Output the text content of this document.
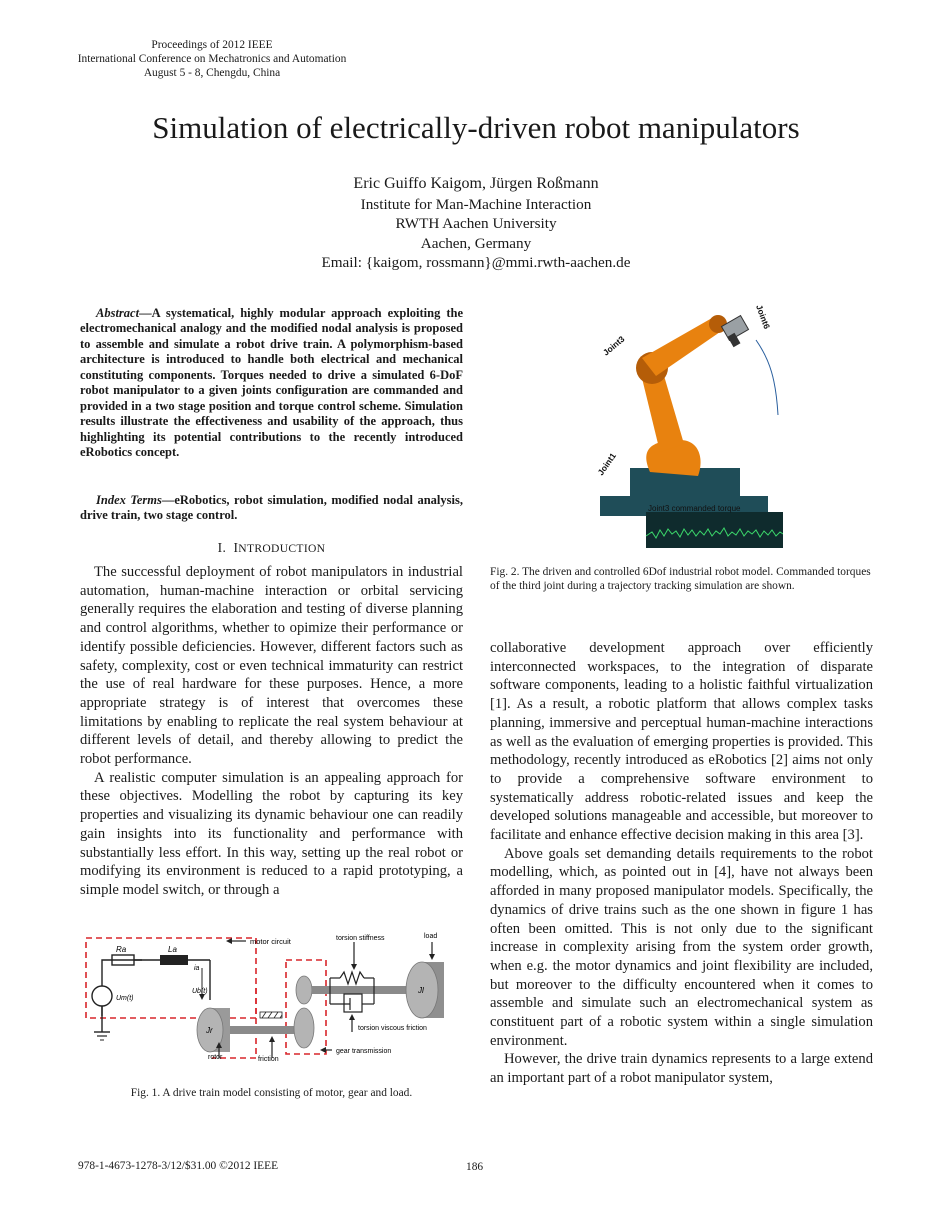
Proceedings of 2012 IEEE
International Conference on Mechatronics and Automation
August 5 - 8, Chengdu, China
Simulation of electrically-driven robot manipulators
Eric Guiffo Kaigom, Jürgen Roßmann
Institute for Man-Machine Interaction
RWTH Aachen University
Aachen, Germany
Email: {kaigom, rossmann}@mmi.rwth-aachen.de

Abstract—A systematical, highly modular approach exploiting the electromechanical analogy and the modified nodal analysis is proposed to assemble and simulate a robot drive train. A polymorphism-based architecture is introduced to handle both electrical and mechanical constituting components. Torques needed to drive a simulated 6-DoF robot manipulator to a given joints configuration are commanded and provided in a two stage position and torque control scheme. Simulation results illustrate the effectiveness and usability of the approach, thus highlighting its potential contributions to the recently introduced eRobotics concept.

Index Terms—eRobotics, robot simulation, modified nodal analysis, drive train, two stage control.

I. INTRODUCTION

The successful deployment of robot manipulators in industrial automation, human-machine interaction or orbital servicing generally requires the elaboration and testing of diverse planning and control algorithms, whether to opimize their performance or identify possible deficiencies. However, different factors such as safety, complexity, cost or even technical immaturity can restrict the use of real hardware for these purposes. Hence, a more appropriate strategy is of interest that overcomes these limitations by enabling to replicate the real system behaviour at different levels of detail, and thereby allowing to predict the robot performance.

A realistic computer simulation is an appealing approach for these objectives. Modelling the robot by capturing its key properties and visualizing its dynamic behaviour one can readily gain insights into its functionality and performance with substantially less effort. In this way, setting up the real robot or modifying its environment is reduced to a rapid prototyping, a simple model switch, or through a

Ra	La
ia
Um(t)
Ub(t)
motor circuit
Jr
friction
rotor
gear transmission
torsion stiffness
torsion viscous friction
Jl
load
Fig. 1. A drive train model consisting of motor, gear and load.
Joint3
Joint1
Joint6
Joint3 commanded torque
Fig. 2. The driven and controlled 6Dof industrial robot model. Commanded torques of the third joint during a trajectory tracking simulation are shown.

collaborative development approach over efficiently interconnected workspaces, to the integration of disparate software components, leading to a holistic faithful virtualization [1]. As a result, a robotic platform that allows complex tasks planning, immersive and perceptual human-machine interactions as well as the evaluation of emerging properties is provided. This methodology, recently introduced as eRobotics [2] aims not only to provide a comprehensive software environment to systematically address robotic-related issues and keep the developed solutions manageable and accessible, but moreover to facilitate and enhance effective decision making in this area [3].

Above goals set demanding details requirements to the robot modelling, which, as pointed out in [4], have not always been afforded in many proposed manipulator models. Specifically, the dynamics of drive trains such as the one shown in figure 1 has often been omitted. This is not only due to the significant increase in complexity arising from the system order growth, when e.g. the motor dynamics and joint flexibility are included, but moreover to the difficulty encountered when it comes to assemble and simulate such an electromechanical system as constituent part of a robotic system within a single simulation environment.

However, the drive train dynamics represents to a large extend an important part of a robot manipulator system,

978-1-4673-1278-3/12/$31.00 ©2012 IEEE	186
